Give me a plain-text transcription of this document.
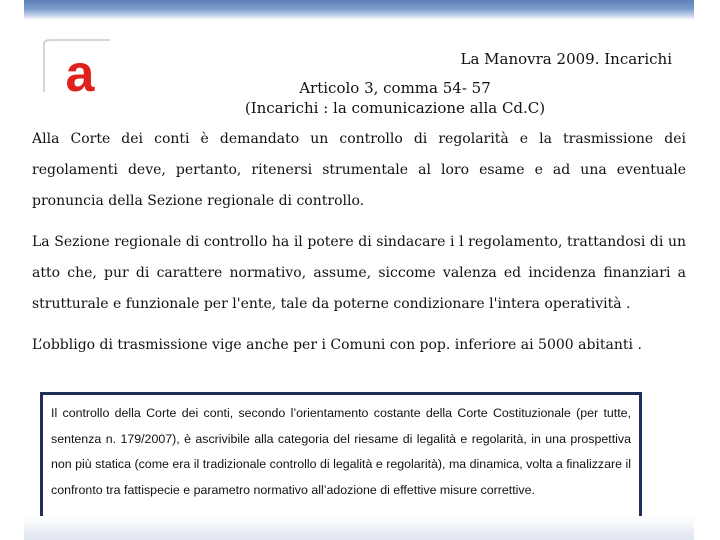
a	La Manovra 2009. Incarichi
Articolo 3, comma 54- 57
(Incarichi : la comunicazione alla Cd.C)

Alla Corte dei conti è demandato un controllo di regolarità e la trasmissione dei regolamenti deve, pertanto, ritenersi strumentale al loro esame e ad una eventuale pronuncia della Sezione regionale di controllo.

La Sezione regionale di controllo ha il potere di sindacare i l regolamento, trattandosi di un atto che, pur di carattere normativo, assume, siccome valenza ed incidenza finanziari a strutturale e funzionale per l'ente, tale da poterne condizionare l'intera operatività .

L’obbligo di trasmissione vige anche per i Comuni con pop. inferiore ai 5000 abitanti .

Il controllo della Corte dei conti, secondo l’orientamento costante della Corte Costituzionale (per tutte, sentenza n. 179/2007), è ascrivibile alla categoria del riesame di legalità e regolarità, in una prospettiva non più statica (come era il tradizionale controllo di legalità e regolarità), ma dinamica, volta a finalizzare il confronto tra fattispecie e parametro normativo all’adozione di effettive misure correttive.
